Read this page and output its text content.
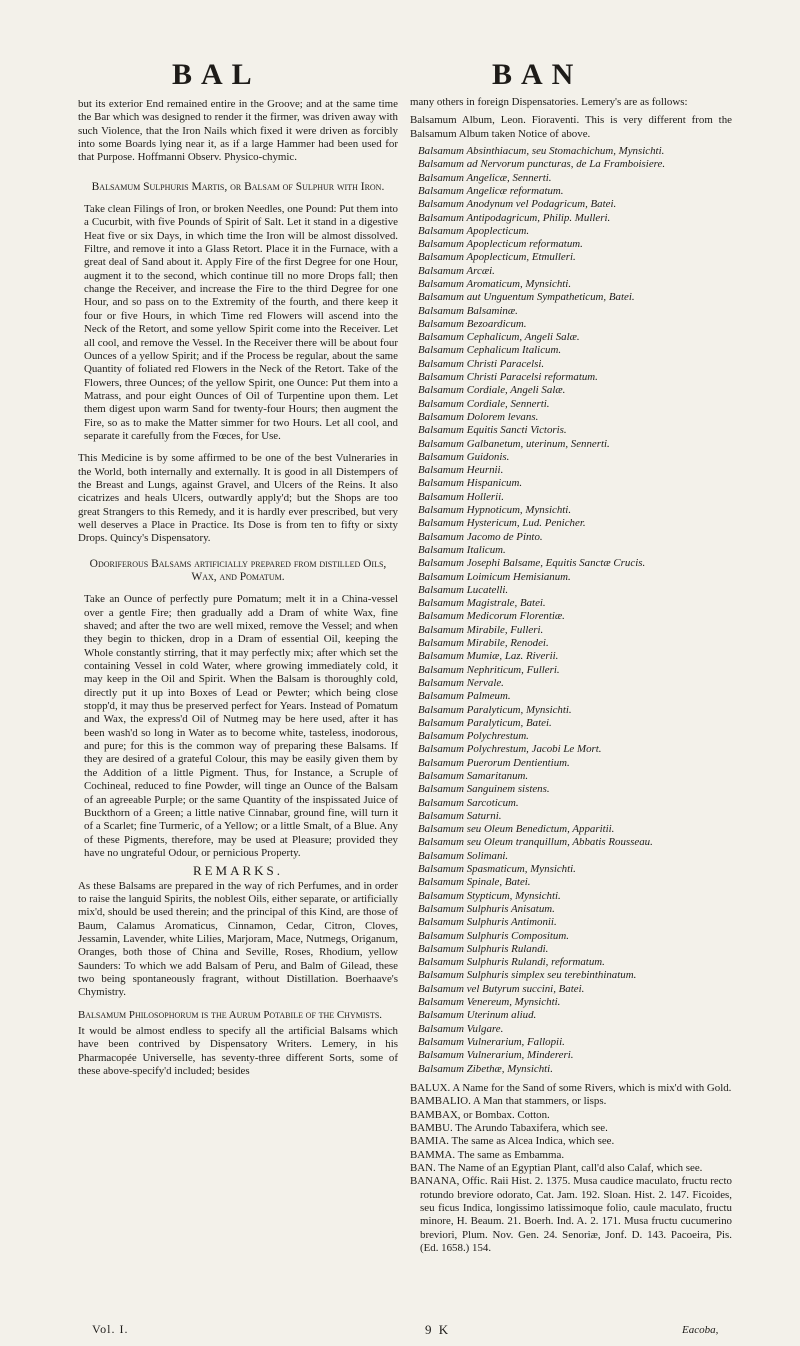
BAL	BAN

but its exterior End remained entire in the Groove; and at the same time the Bar which was designed to render it the firmer, was driven away with such Violence, that the Iron Nails which fixed it were driven as forcibly into some Boards lying near it, as if a large Hammer had been used for that Purpose. Hoffmanni Observ. Physico-chymic.

Balsamum Sulphuris Martis, or Balsam of Sulphur with Iron.

Take clean Filings of Iron, or broken Needles, one Pound: Put them into a Cucurbit, with five Pounds of Spirit of Salt. Let it stand in a digestive Heat five or six Days, in which time the Iron will be almost dissolved. Filtre, and remove it into a Glass Retort. Place it in the Furnace, with a great deal of Sand about it. Apply Fire of the first Degree for one Hour, augment it to the second, which continue till no more Drops fall; then change the Receiver, and increase the Fire to the third Degree for one Hour, and so pass on to the Extremity of the fourth, and there keep it four or five Hours, in which Time red Flowers will ascend into the Neck of the Retort, and some yellow Spirit come into the Receiver. Let all cool, and remove the Vessel. In the Receiver there will be about four Ounces of a yellow Spirit; and if the Process be regular, about the same Quantity of foliated red Flowers in the Neck of the Retort. Take of the Flowers, three Ounces; of the yellow Spirit, one Ounce: Put them into a Matrass, and pour eight Ounces of Oil of Turpentine upon them. Let them digest upon warm Sand for twenty-four Hours; then augment the Fire, so as to make the Matter simmer for two Hours. Let all cool, and separate it carefully from the Fœces, for Use.

This Medicine is by some affirmed to be one of the best Vulneraries in the World, both internally and externally. It is good in all Distempers of the Breast and Lungs, against Gravel, and Ulcers of the Reins. It also cicatrizes and heals Ulcers, outwardly apply'd; but the Shops are too great Strangers to this Remedy, and it is hardly ever prescribed, but very well deserves a Place in Practice. Its Dose is from ten to fifty or sixty Drops. Quincy's Dispensatory.

Odoriferous Balsams artificially prepared from distilled Oils, Wax, and Pomatum.

Take an Ounce of perfectly pure Pomatum; melt it in a China-vessel over a gentle Fire; then gradually add a Dram of white Wax, fine shaved; and after the two are well mixed, remove the Vessel; and when they begin to thicken, drop in a Dram of essential Oil, keeping the Whole constantly stirring, that it may perfectly mix; after which set the containing Vessel in cold Water, where growing immediately cold, it may keep in the Oil and Spirit. When the Balsam is thoroughly cold, directly put it up into Boxes of Lead or Pewter; which being close stopp'd, it may thus be preserved perfect for Years. Instead of Pomatum and Wax, the express'd Oil of Nutmeg may be here used, after it has been wash'd so long in Water as to become white, tasteless, inodorous, and pure; for this is the common way of preparing these Balsams. If they are desired of a grateful Colour, this may be easily given them by the Addition of a little Pigment. Thus, for Instance, a Scruple of Cochineal, reduced to fine Powder, will tinge an Ounce of the Balsam of an agreeable Purple; or the same Quantity of the inspissated Juice of Buckthorn of a Green; a little native Cinnabar, ground fine, will turn it of a Scarlet; fine Turmeric, of a Yellow; or a little Smalt, of a Blue. Any of these Pigments, therefore, may be used at Pleasure; provided they have no ungrateful Odour, or pernicious Property.

REMARKS.

As these Balsams are prepared in the way of rich Perfumes, and in order to raise the languid Spirits, the noblest Oils, either separate, or artificially mix'd, should be used therein; and the principal of this Kind, are those of Baum, Calamus Aromaticus, Cinnamon, Cedar, Citron, Cloves, Jessamin, Lavender, white Lilies, Marjoram, Mace, Nutmegs, Origanum, Oranges, both those of China and Seville, Roses, Rhodium, yellow Saunders: To which we add Balsam of Peru, and Balm of Gilead, these two being spontaneously fragrant, without Distillation. Boerhaave's Chymistry.

Balsamum Philosophorum is the Aurum Potabile of the Chymists.

It would be almost endless to specify all the artificial Balsams which have been contrived by Dispensatory Writers. Lemery, in his Pharmacopée Universelle, has seventy-three different Sorts, some of these above-specify'd included; besides

many others in foreign Dispensatories. Lemery's are as follows:

Balsamum Album, Leon. Fioraventi. This is very different from the Balsamum Album taken Notice of above.

Balsamum Absinthiacum, seu Stomachichum, Mynsichti.
Balsamum ad Nervorum puncturas, de La Framboisiere.
Balsamum Angelicæ, Sennerti.
Balsamum Angelicæ reformatum.
Balsamum Anodynum vel Podagricum, Batei.
Balsamum Antipodagricum, Philip. Mulleri.
Balsamum Apoplecticum.
Balsamum Apoplecticum reformatum.
Balsamum Apoplecticum, Etmulleri.
Balsamum Arcæi.
Balsamum Aromaticum, Mynsichti.
Balsamum aut Unguentum Sympatheticum, Batei.
Balsamum Balsaminæ.
Balsamum Bezoardicum.
Balsamum Cephalicum, Angeli Salæ.
Balsamum Cephalicum Italicum.
Balsamum Christi Paracelsi.
Balsamum Christi Paracelsi reformatum.
Balsamum Cordiale, Angeli Salæ.
Balsamum Cordiale, Sennerti.
Balsamum Dolorem levans.
Balsamum Equitis Sancti Victoris.
Balsamum Galbanetum, uterinum, Sennerti.
Balsamum Guidonis.
Balsamum Heurnii.
Balsamum Hispanicum.
Balsamum Hollerii.
Balsamum Hypnoticum, Mynsichti.
Balsamum Hystericum, Lud. Penicher.
Balsamum Jacomo de Pinto.
Balsamum Italicum.
Balsamum Josephi Balsame, Equitis Sanctæ Crucis.
Balsamum Loimicum Hemisianum.
Balsamum Lucatelli.
Balsamum Magistrale, Batei.
Balsamum Medicorum Florentiæ.
Balsamum Mirabile, Fulleri.
Balsamum Mirabile, Renodei.
Balsamum Mumiæ, Laz. Riverii.
Balsamum Nephriticum, Fulleri.
Balsamum Nervale.
Balsamum Palmeum.
Balsamum Paralyticum, Mynsichti.
Balsamum Paralyticum, Batei.
Balsamum Polychrestum.
Balsamum Polychrestum, Jacobi Le Mort.
Balsamum Puerorum Dentientium.
Balsamum Samaritanum.
Balsamum Sanguinem sistens.
Balsamum Sarcoticum.
Balsamum Saturni.
Balsamum seu Oleum Benedictum, Apparitii.
Balsamum seu Oleum tranquillum, Abbatis Rousseau.
Balsamum Solimani.
Balsamum Spasmaticum, Mynsichti.
Balsamum Spinale, Batei.
Balsamum Stypticum, Mynsichti.
Balsamum Sulphuris Anisatum.
Balsamum Sulphuris Antimonii.
Balsamum Sulphuris Compositum.
Balsamum Sulphuris Rulandi.
Balsamum Sulphuris Rulandi, reformatum.
Balsamum Sulphuris simplex seu terebinthinatum.
Balsamum vel Butyrum succini, Batei.
Balsamum Venereum, Mynsichti.
Balsamum Uterinum aliud.
Balsamum Vulgare.
Balsamum Vulnerarium, Fallopii.
Balsamum Vulnerarium, Mindereri.
Balsamum Zibethæ, Mynsichti.

BALUX. A Name for the Sand of some Rivers, which is mix'd with Gold.

BAMBALIO. A Man that stammers, or lisps.

BAMBAX, or Bombax. Cotton.

BAMBU. The Arundo Tabaxifera, which see.

BAMIA. The same as Alcea Indica, which see.

BAMMA. The same as Embamma.

BAN. The Name of an Egyptian Plant, call'd also Calaf, which see.

BANANA, Offic. Raii Hist. 2. 1375. Musa caudice maculato, fructu recto rotundo breviore odorato, Cat. Jam. 192. Sloan. Hist. 2. 147. Ficoides, seu ficus Indica, longissimo latissimoque folio, caule maculato, fructu minore, H. Beaum. 21. Boerh. Ind. A. 2. 171. Musa fructu cucumerino breviori, Plum. Nov. Gen. 24. Senoriæ, Jonf. D. 143. Pacoeira, Pis. (Ed. 1658.) 154.

Vol. I.	9 K	Eacoba,
